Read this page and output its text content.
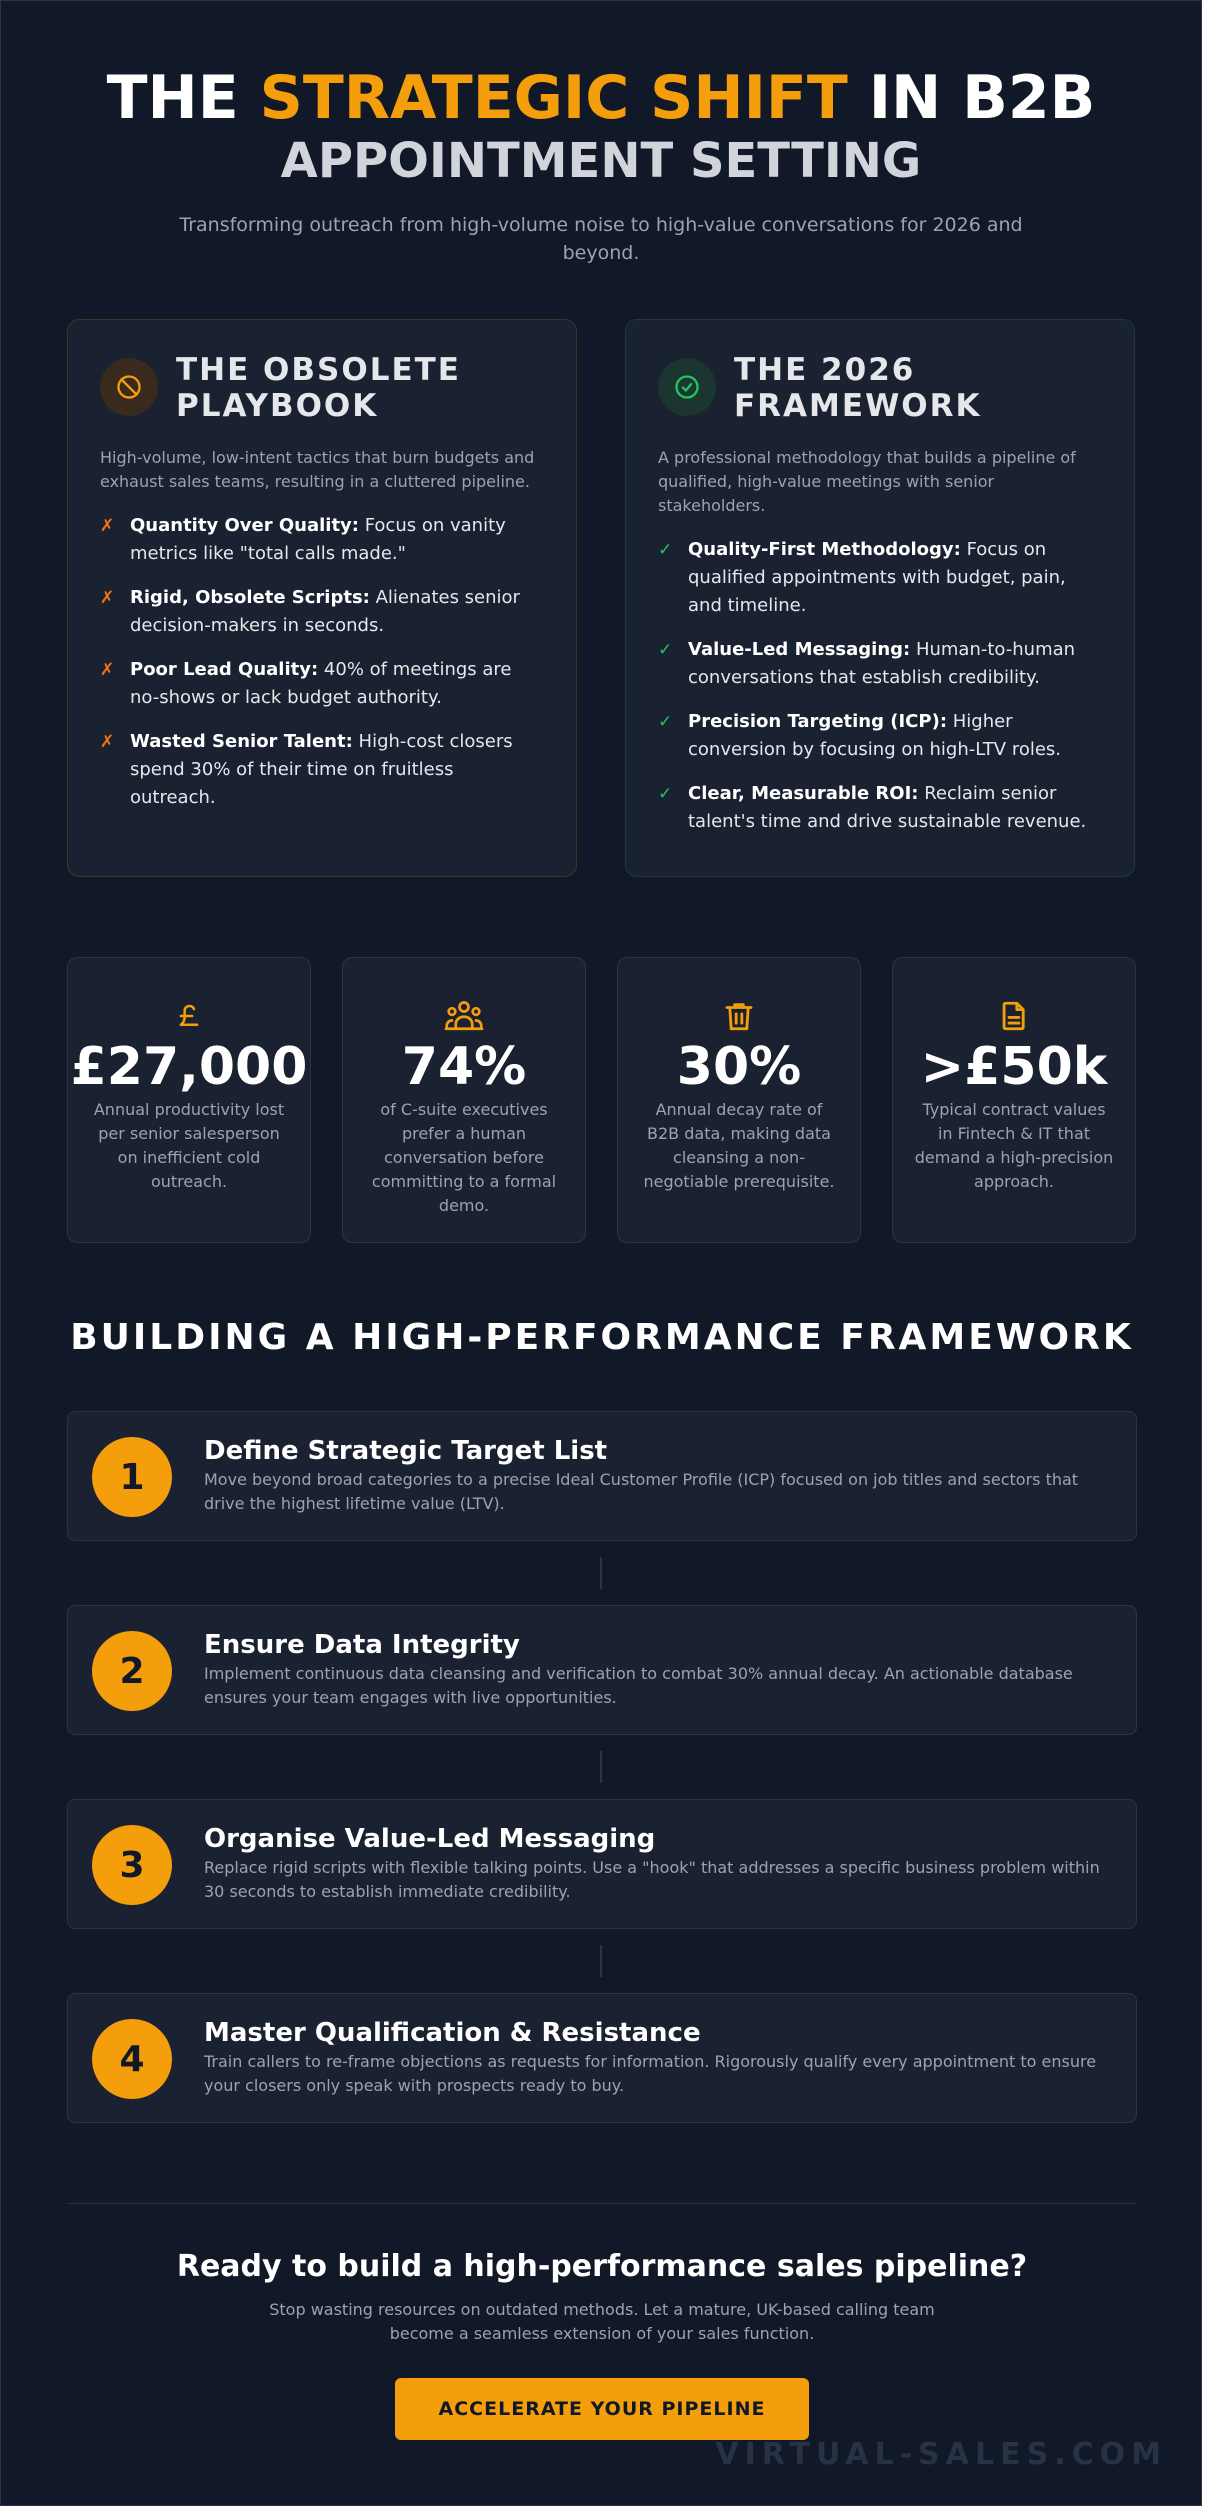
THE STRATEGIC SHIFT IN B2B
APPOINTMENT SETTING
Transforming outreach from high-volume noise to high-value conversations for 2026 and beyond.
THE OBSOLETE PLAYBOOK
High-volume, low-intent tactics that burn budgets and exhaust sales teams, resulting in a cluttered pipeline.
✗ Quantity Over Quality: Focus on vanity metrics like "total calls made."
✗ Rigid, Obsolete Scripts: Alienates senior decision-makers in seconds.
✗ Poor Lead Quality: 40% of meetings are no-shows or lack budget authority.
✗ Wasted Senior Talent: High-cost closers spend 30% of their time on fruitless outreach.
THE 2026 FRAMEWORK
A professional methodology that builds a pipeline of qualified, high-value meetings with senior stakeholders.
✓ Quality-First Methodology: Focus on qualified appointments with budget, pain, and timeline.
✓ Value-Led Messaging: Human-to-human conversations that establish credibility.
✓ Precision Targeting (ICP): Higher conversion by focusing on high-LTV roles.
✓ Clear, Measurable ROI: Reclaim senior talent's time and drive sustainable revenue.
£27,000
Annual productivity lost per senior salesperson on inefficient cold outreach.
74%
of C-suite executives prefer a human conversation before committing to a formal demo.
30%
Annual decay rate of B2B data, making data cleansing a non-negotiable prerequisite.
>£50k
Typical contract values in Fintech & IT that demand a high-precision approach.
BUILDING A HIGH-PERFORMANCE FRAMEWORK
1
Define Strategic Target List
Move beyond broad categories to a precise Ideal Customer Profile (ICP) focused on job titles and sectors that drive the highest lifetime value (LTV).
2
Ensure Data Integrity
Implement continuous data cleansing and verification to combat 30% annual decay. An actionable database ensures your team engages with live opportunities.
3
Organise Value-Led Messaging
Replace rigid scripts with flexible talking points. Use a "hook" that addresses a specific business problem within 30 seconds to establish immediate credibility.
4
Master Qualification & Resistance
Train callers to re-frame objections as requests for information. Rigorously qualify every appointment to ensure your closers only speak with prospects ready to buy.
Ready to build a high-performance sales pipeline?
Stop wasting resources on outdated methods. Let a mature, UK-based calling team become a seamless extension of your sales function.
ACCELERATE YOUR PIPELINE
VIRTUAL-SALES.COM
